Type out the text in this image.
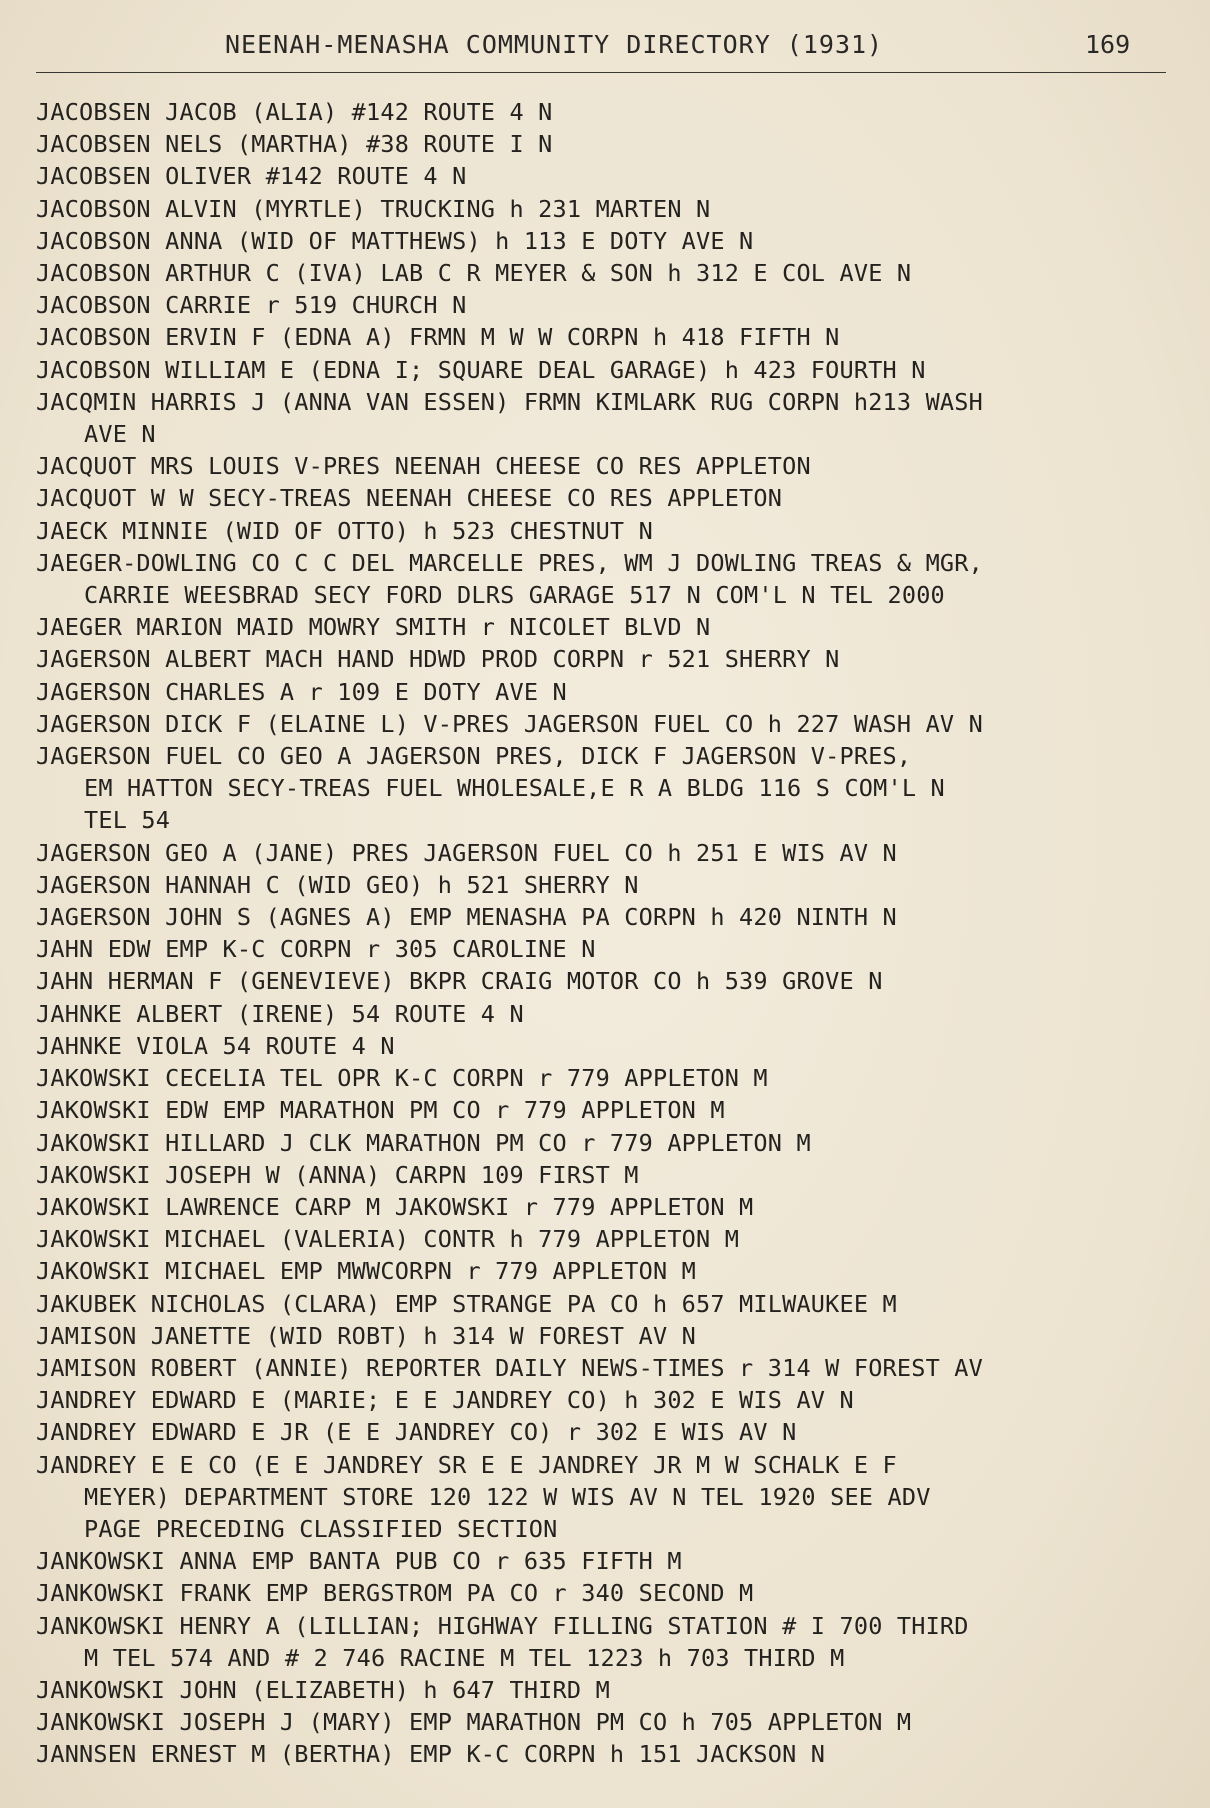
NEENAH-MENASHA COMMUNITY DIRECTORY (1931)	169
JACOBSEN JACOB (ALIA) #142 ROUTE 4 N
JACOBSEN NELS (MARTHA) #38 ROUTE I N
JACOBSEN OLIVER #142 ROUTE 4 N
JACOBSON ALVIN (MYRTLE) TRUCKING h 231 MARTEN N
JACOBSON ANNA (WID OF MATTHEWS) h 113 E DOTY AVE N
JACOBSON ARTHUR C (IVA) LAB C R MEYER & SON h 312 E COL AVE N
JACOBSON CARRIE r 519 CHURCH N
JACOBSON ERVIN F (EDNA A) FRMN M W W CORPN h 418 FIFTH N
JACOBSON WILLIAM E (EDNA I; SQUARE DEAL GARAGE) h 423 FOURTH N
JACQMIN HARRIS J (ANNA VAN ESSEN) FRMN KIMLARK RUG CORPN h213 WASH
AVE N
JACQUOT MRS LOUIS V-PRES NEENAH CHEESE CO RES APPLETON
JACQUOT W W SECY-TREAS NEENAH CHEESE CO RES APPLETON
JAECK MINNIE (WID OF OTTO) h 523 CHESTNUT N
JAEGER-DOWLING CO C C DEL MARCELLE PRES, WM J DOWLING TREAS & MGR,
CARRIE WEESBRAD SECY FORD DLRS GARAGE 517 N COM'L N TEL 2000
JAEGER MARION MAID MOWRY SMITH r NICOLET BLVD N
JAGERSON ALBERT MACH HAND HDWD PROD CORPN r 521 SHERRY N
JAGERSON CHARLES A r 109 E DOTY AVE N
JAGERSON DICK F (ELAINE L) V-PRES JAGERSON FUEL CO h 227 WASH AV N
JAGERSON FUEL CO GEO A JAGERSON PRES, DICK F JAGERSON V-PRES,
EM HATTON SECY-TREAS FUEL WHOLESALE,E R A BLDG 116 S COM'L N
TEL 54
JAGERSON GEO A (JANE) PRES JAGERSON FUEL CO h 251 E WIS AV N
JAGERSON HANNAH C (WID GEO) h 521 SHERRY N
JAGERSON JOHN S (AGNES A) EMP MENASHA PA CORPN h 420 NINTH N
JAHN EDW EMP K-C CORPN r 305 CAROLINE N
JAHN HERMAN F (GENEVIEVE) BKPR CRAIG MOTOR CO h 539 GROVE N
JAHNKE ALBERT (IRENE) 54 ROUTE 4 N
JAHNKE VIOLA 54 ROUTE 4 N
JAKOWSKI CECELIA TEL OPR K-C CORPN r 779 APPLETON M
JAKOWSKI EDW EMP MARATHON PM CO r 779 APPLETON M
JAKOWSKI HILLARD J CLK MARATHON PM CO r 779 APPLETON M
JAKOWSKI JOSEPH W (ANNA) CARPN 109 FIRST M
JAKOWSKI LAWRENCE CARP M JAKOWSKI r 779 APPLETON M
JAKOWSKI MICHAEL (VALERIA) CONTR h 779 APPLETON M
JAKOWSKI MICHAEL EMP MWWCORPN r 779 APPLETON M
JAKUBEK NICHOLAS (CLARA) EMP STRANGE PA CO h 657 MILWAUKEE M
JAMISON JANETTE (WID ROBT) h 314 W FOREST AV N
JAMISON ROBERT (ANNIE) REPORTER DAILY NEWS-TIMES r 314 W FOREST AV
JANDREY EDWARD E (MARIE; E E JANDREY CO) h 302 E WIS AV N
JANDREY EDWARD E JR (E E JANDREY CO) r 302 E WIS AV N
JANDREY E E CO (E E JANDREY SR E E JANDREY JR M W SCHALK E F
MEYER) DEPARTMENT STORE 120 122 W WIS AV N TEL 1920 SEE ADV
PAGE PRECEDING CLASSIFIED SECTION
JANKOWSKI ANNA EMP BANTA PUB CO r 635 FIFTH M
JANKOWSKI FRANK EMP BERGSTROM PA CO r 340 SECOND M
JANKOWSKI HENRY A (LILLIAN; HIGHWAY FILLING STATION # I 700 THIRD
M TEL 574 AND # 2 746 RACINE M TEL 1223 h 703 THIRD M
JANKOWSKI JOHN (ELIZABETH) h 647 THIRD M
JANKOWSKI JOSEPH J (MARY) EMP MARATHON PM CO h 705 APPLETON M
JANNSEN ERNEST M (BERTHA) EMP K-C CORPN h 151 JACKSON N
